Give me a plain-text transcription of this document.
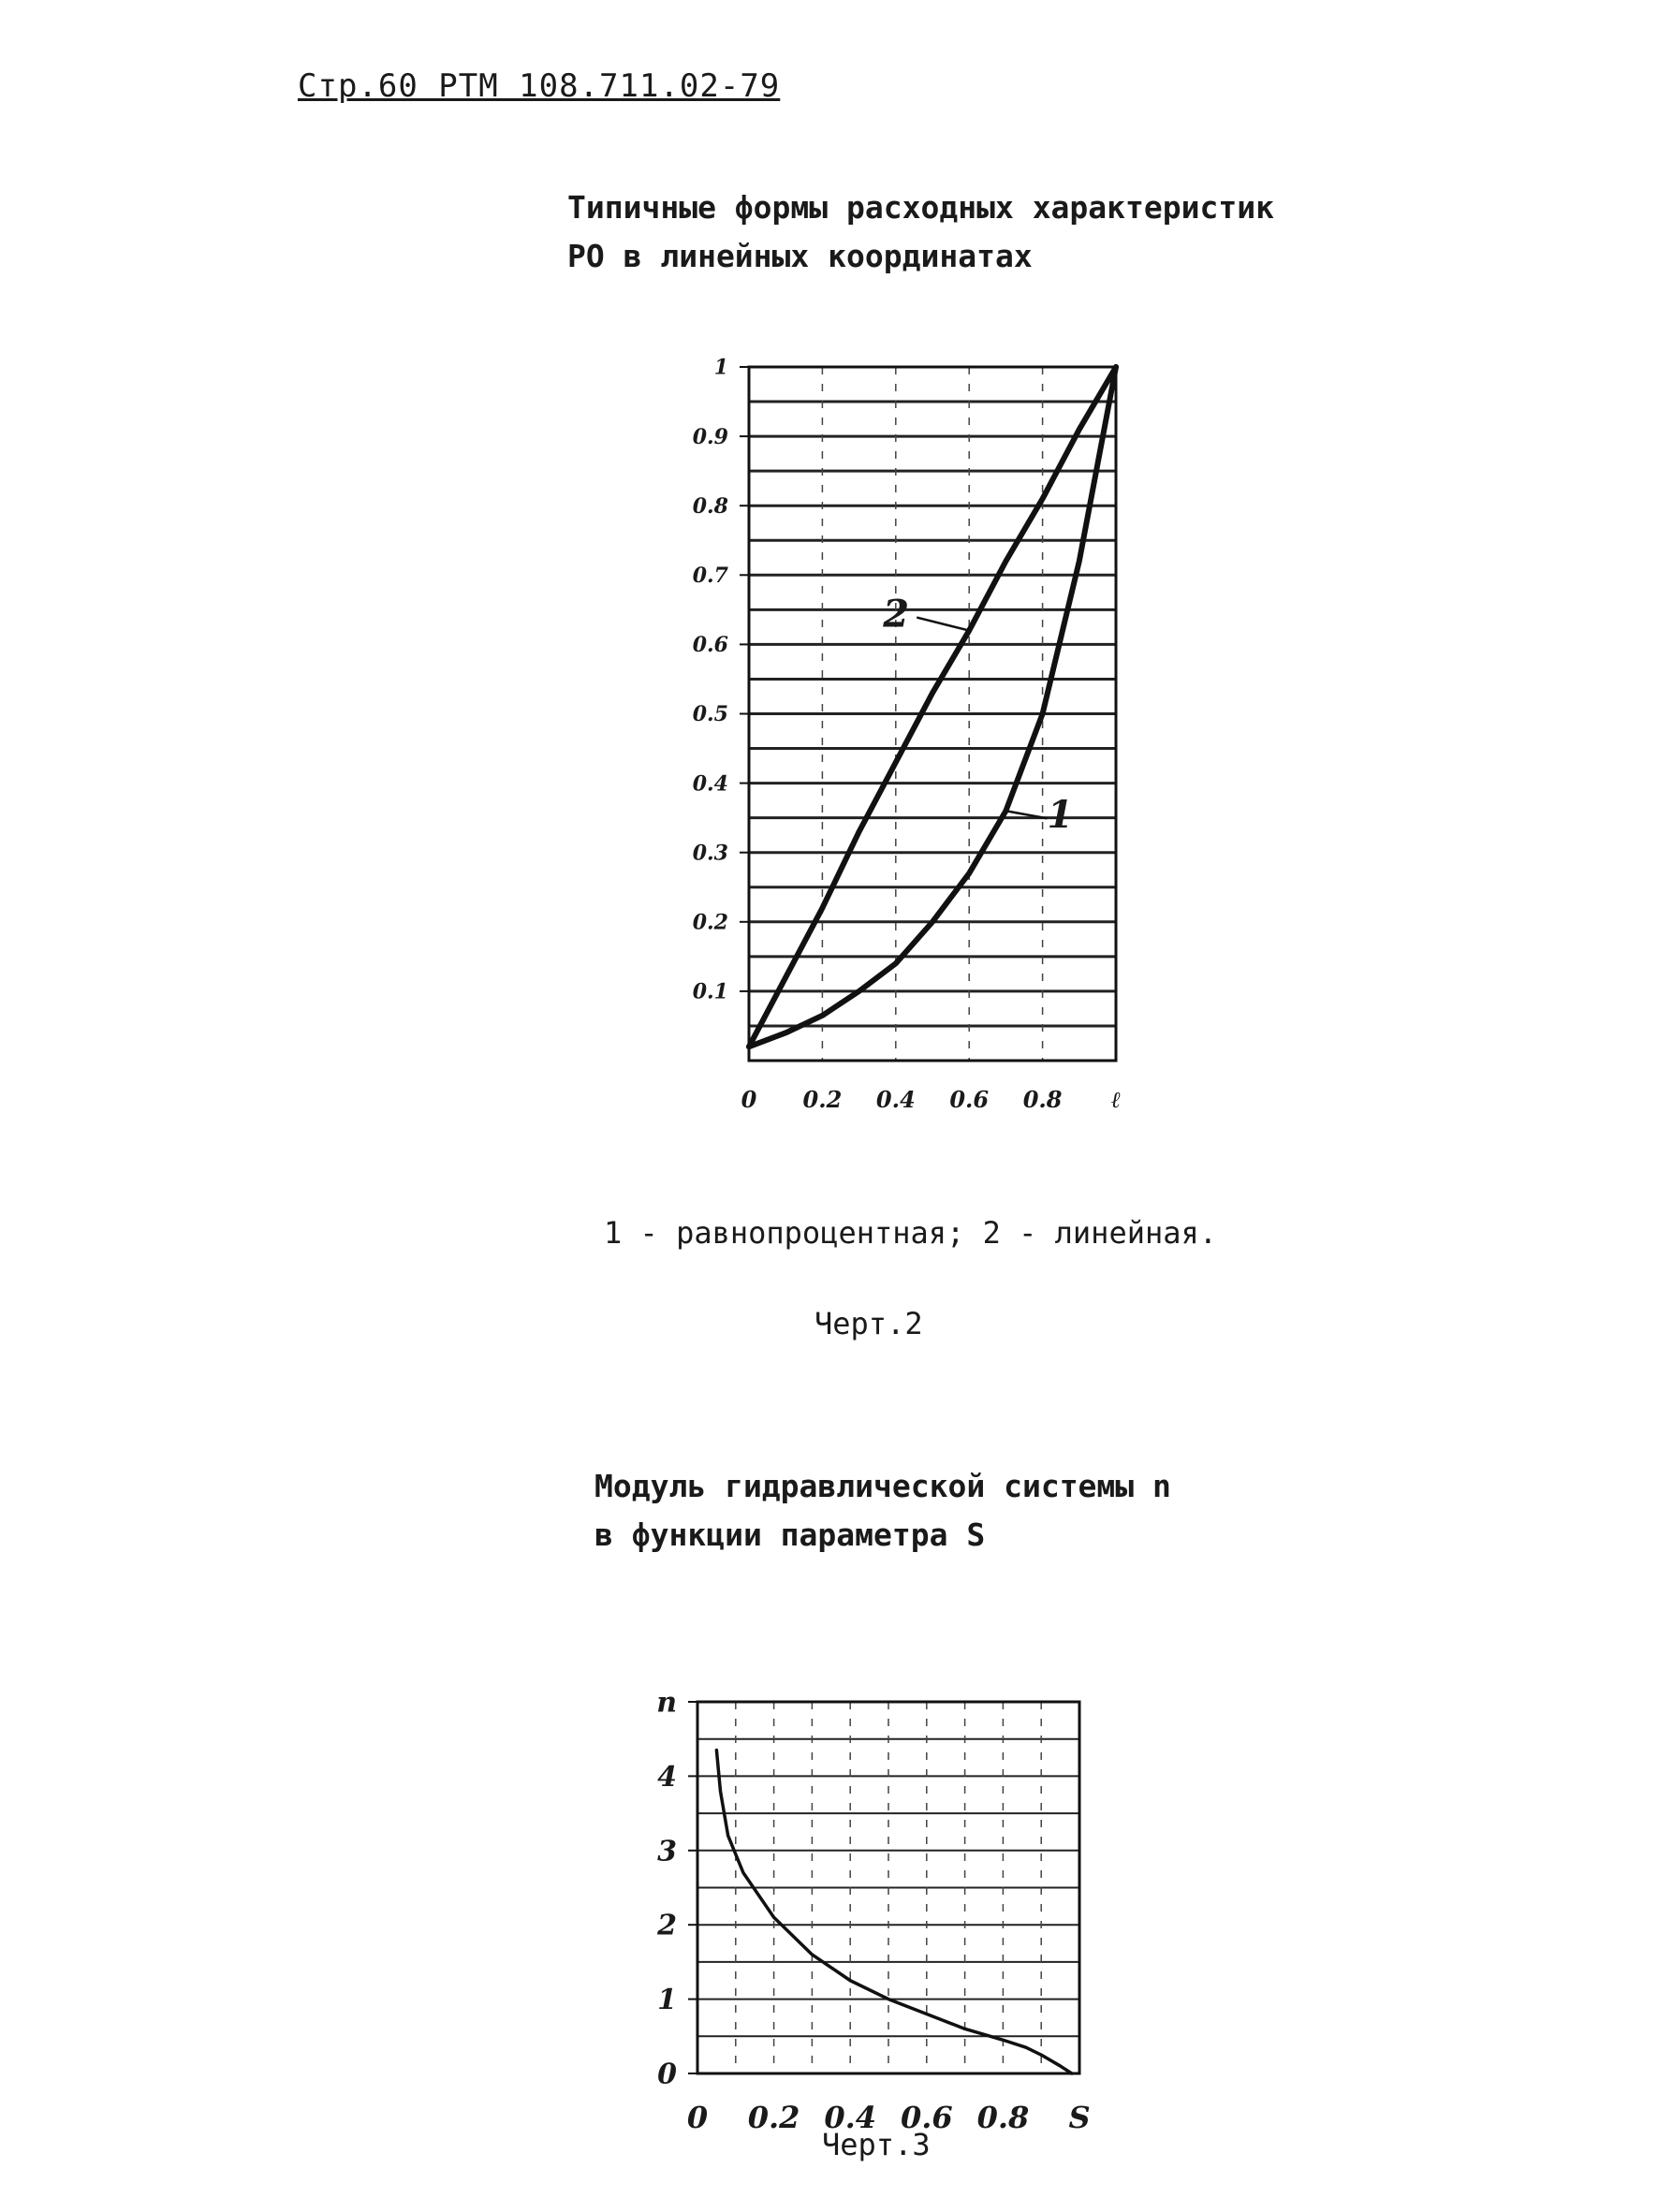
Стр.60 РТМ 108.711.02-79
Типичные формы расходных характеристик
РО в линейных координатах
1 - равнопроцентная; 2 - линейная.
Черт.2
Модуль гидравлической системы n
в функции параметра S
Черт.3
0.1
0.2
0.3
0.4
0.5
0.6
0.7
0.8
0.9
1
0 0.2 0.4 0.6 0.8 ℓ
1
2
0
1
2
3
4
n
0 0.2 0.4 0.6 0.8 S
